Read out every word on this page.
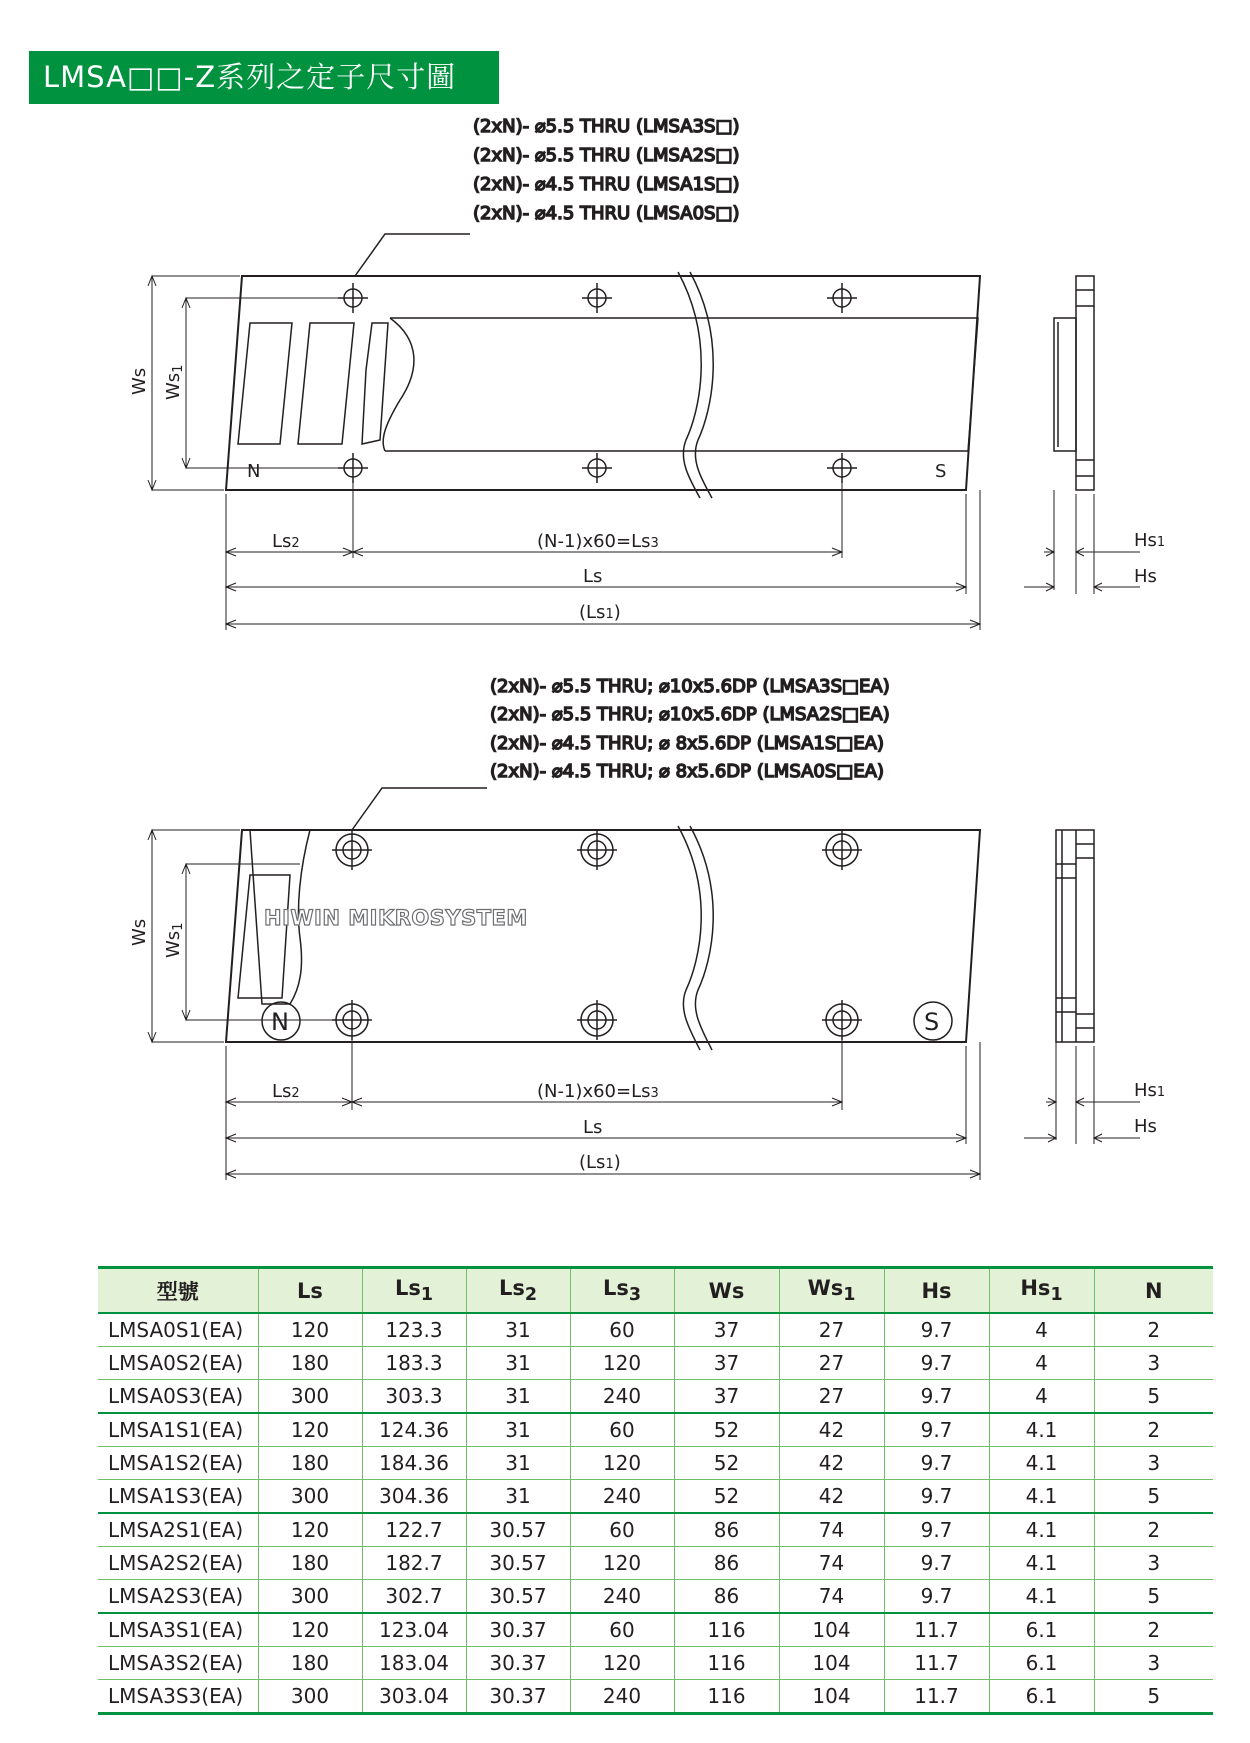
LMSA□□-Z系列之定子尺寸圖
(2xN)- ⌀5.5 THRU (LMSA3S□)
(2xN)- ⌀5.5 THRU (LMSA2S□)
(2xN)- ⌀4.5 THRU (LMSA1S□)
(2xN)- ⌀4.5 THRU (LMSA0S□)
N	S
Ws Ws1
Ls2	(N-1)x60=Ls3
Ls
(Ls1)
Hs1
Hs
(2xN)- ⌀5.5 THRU; ⌀10x5.6DP (LMSA3S□EA)
(2xN)- ⌀5.5 THRU; ⌀10x5.6DP (LMSA2S□EA)
(2xN)- ⌀4.5 THRU; ⌀ 8x5.6DP (LMSA1S□EA)
(2xN)- ⌀4.5 THRU; ⌀ 8x5.6DP (LMSA0S□EA)
HIWIN MIKROSYSTEM
N	S
Ws Ws1
Ls2	(N-1)x60=Ls3
Ls
(Ls1)
Hs1
Hs
型號	Ls	$Ls_1$	$Ls_2$	$Ls_3$	Ws	$Ws_1$	Hs	$Hs_1$	N
LMSA0S1(EA)	120	123.3	31	60	37	27	9.7	4	2
LMSA0S2(EA)	180	183.3	31	120	37	27	9.7	4	3
LMSA0S3(EA)	300	303.3	31	240	37	27	9.7	4	5
LMSA1S1(EA)	120	124.36	31	60	52	42	9.7	4.1	2
LMSA1S2(EA)	180	184.36	31	120	52	42	9.7	4.1	3
LMSA1S3(EA)	300	304.36	31	240	52	42	9.7	4.1	5
LMSA2S1(EA)	120	122.7	30.57	60	86	74	9.7	4.1	2
LMSA2S2(EA)	180	182.7	30.57	120	86	74	9.7	4.1	3
LMSA2S3(EA)	300	302.7	30.57	240	86	74	9.7	4.1	5
LMSA3S1(EA)	120	123.04	30.37	60	116	104	11.7	6.1	2
LMSA3S2(EA)	180	183.04	30.37	120	116	104	11.7	6.1	3
LMSA3S3(EA)	300	303.04	30.37	240	116	104	11.7	6.1	5
